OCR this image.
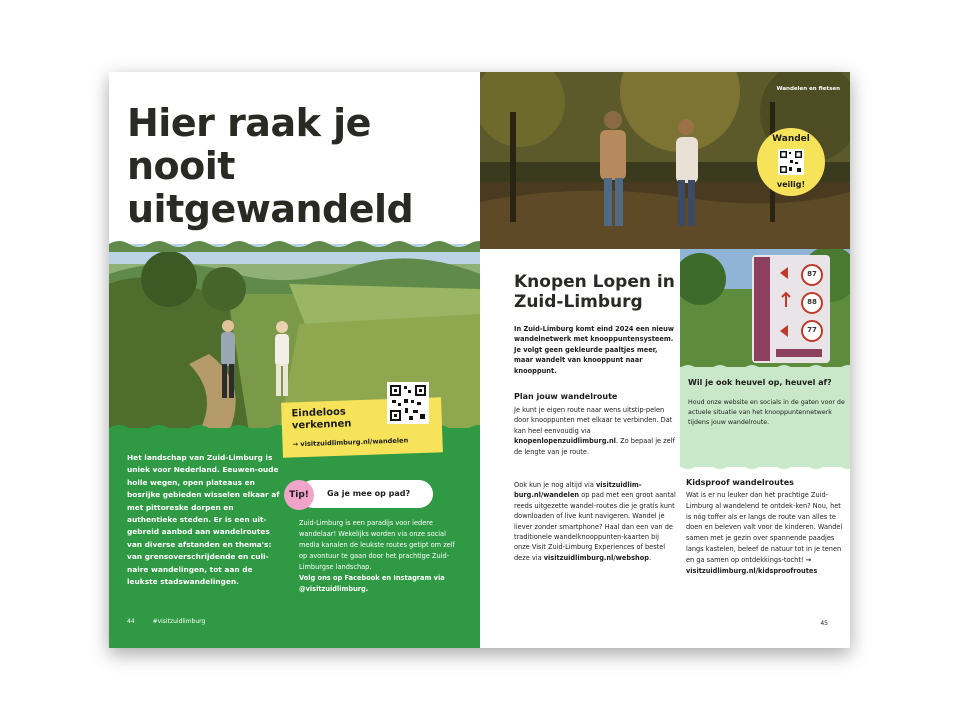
Hier raak je nooit uitgewandeld
Eindeloos verkennen
→ visitzuidlimburg.nl/wandelen

Het landschap van Zuid-Limburg is uniek voor Nederland. Eeuwen-oude holle wegen, open plateaus en bosrijke gebieden wisselen elkaar af met pittoreske dorpen en authentieke steden. Er is een uit-gebreid aanbod aan wandelroutes van diverse afstanden en thema's: van grensoverschrijdende en culi-naire wandelingen, tot aan de leukste stadswandelingen.

Tip!	Ga je mee op pad?

Zuid-Limburg is een paradijs voor iedere wandelaar! Wekelijks worden via onze social media kanalen de leukste routes getipt om zelf op avontuur te gaan door het prachtige Zuid-Limburgse landschap.
Volg ons op Facebook en Instagram via @visitzuidlimburg.

44	#visitzuidlimburg
Wandelen en fietsen
Wandel
veilig!
Knopen Lopen in Zuid-Limburg

In Zuid-Limburg komt eind 2024 een nieuw wandelnetwerk met knooppuntensysteem. Je volgt geen gekleurde paaltjes meer, maar wandelt van knooppunt naar knooppunt.

Plan jouw wandelroute

Je kunt je eigen route naar wens uitstip-pelen door knooppunten met elkaar te verbinden. Dat kan heel eenvoudig via knopenlopenzuidlimburg.nl. Zo bepaal je zelf de lengte van je route.

Ook kun je nog altijd via visitzuidlim-burg.nl/wandelen op pad met een groot aantal reeds uitgezette wandel-routes die je gratis kunt downloaden of live kunt navigeren. Wandel je liever zonder smartphone? Haal dan een van de traditionele wandelknooppunten-kaarten bij onze Visit Zuid-Limburg Experiences of bestel deze via visitzuidlimburg.nl/webshop.

87
88
77
Wil je ook heuvel op, heuvel af?

Houd onze website en socials in de gaten voor de actuele situatie van het knooppuntennetwerk tijdens jouw wandelroute.

Kidsproof wandelroutes

Wat is er nu leuker dan het prachtige Zuid-Limburg al wandelend te ontdek-ken? Nou, het is nóg toffer als er langs de route van alles te doen en beleven valt voor de kinderen. Wandel samen met je gezin over spannende paadjes langs kastelen, beleef de natuur tot in je tenen en ga samen op ontdekkings-tocht! → visitzuidlimburg.nl/kidsproofroutes

45
